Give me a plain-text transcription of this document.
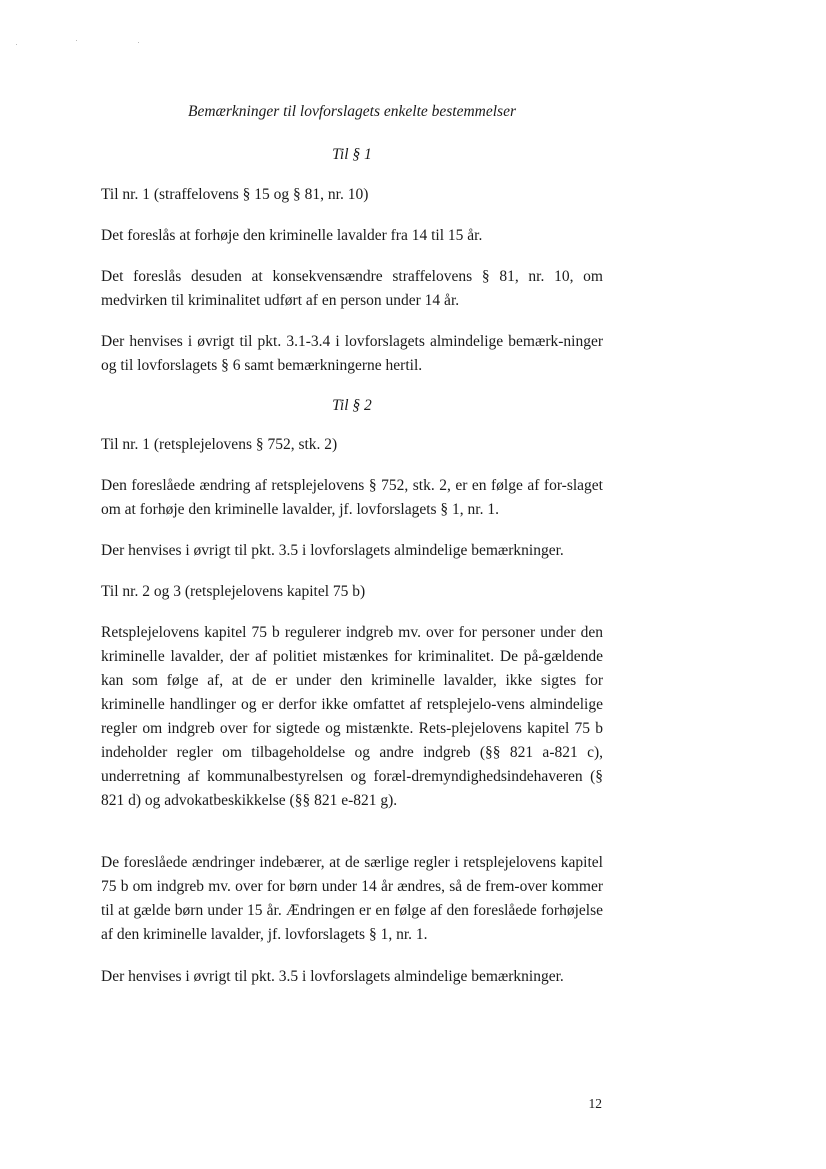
Bemærkninger til lovforslagets enkelte bestemmelser
Til § 1

Til nr. 1 (straffelovens § 15 og § 81, nr. 10)

Det foreslås at forhøje den kriminelle lavalder fra 14 til 15 år.

Det foreslås desuden at konsekvensændre straffelovens § 81, nr. 10, om medvirken til kriminalitet udført af en person under 14 år.

Der henvises i øvrigt til pkt. 3.1-3.4 i lovforslagets almindelige bemærk-ninger og til lovforslagets § 6 samt bemærkningerne hertil.

Til § 2

Til nr. 1 (retsplejelovens § 752, stk. 2)

Den foreslåede ændring af retsplejelovens § 752, stk. 2, er en følge af for-slaget om at forhøje den kriminelle lavalder, jf. lovforslagets § 1, nr. 1.

Der henvises i øvrigt til pkt. 3.5 i lovforslagets almindelige bemærkninger.

Til nr. 2 og 3 (retsplejelovens kapitel 75 b)

Retsplejelovens kapitel 75 b regulerer indgreb mv. over for personer under den kriminelle lavalder, der af politiet mistænkes for kriminalitet. De på-gældende kan som følge af, at de er under den kriminelle lavalder, ikke sigtes for kriminelle handlinger og er derfor ikke omfattet af retsplejelo-vens almindelige regler om indgreb over for sigtede og mistænkte. Rets-plejelovens kapitel 75 b indeholder regler om tilbageholdelse og andre indgreb (§§ 821 a-821 c), underretning af kommunalbestyrelsen og foræl-dremyndighedsindehaveren (§ 821 d) og advokatbeskikkelse (§§ 821 e-821 g).

De foreslåede ændringer indebærer, at de særlige regler i retsplejelovens kapitel 75 b om indgreb mv. over for børn under 14 år ændres, så de frem-over kommer til at gælde børn under 15 år. Ændringen er en følge af den foreslåede forhøjelse af den kriminelle lavalder, jf. lovforslagets § 1, nr. 1.

Der henvises i øvrigt til pkt. 3.5 i lovforslagets almindelige bemærkninger.

12
